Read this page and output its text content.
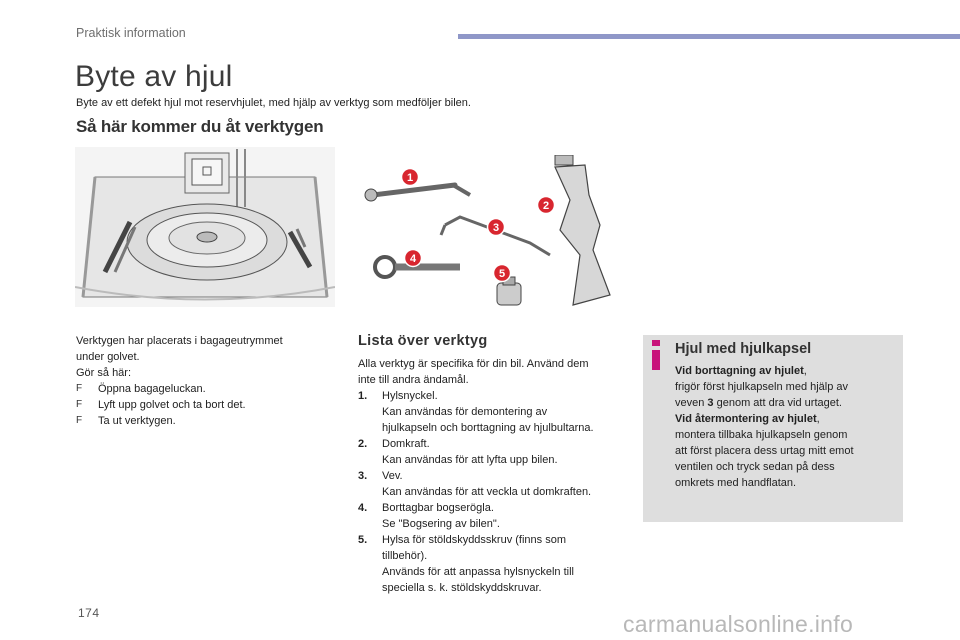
Praktisk information
Byte av hjul
Byte av ett defekt hjul mot reservhjulet, med hjälp av verktyg som medföljer bilen.
Så här kommer du åt verktygen
1
2
3
4
5

Verktygen har placerats i bagageutrymmet

under golvet.

Gör så här:

F Öppna bagageluckan.
F Lyft upp golvet och ta bort det.
F Ta ut verktygen.
Lista över verktyg

Alla verktyg är specifika för din bil. Använd dem

inte till andra ändamål.

1. Hylsnyckel.

Kan användas för demontering av

hjulkapseln och borttagning av hjulbultarna.

2. Domkraft.

Kan användas för att lyfta upp bilen.

3. Vev.

Kan användas för att veckla ut domkraften.

4. Borttagbar bogserögla.

Se "Bogsering av bilen".

5. Hylsa för stöldskyddsskruv (finns som

tillbehör).

Används för att anpassa hylsnyckeln till

speciella s. k. stöldskyddskruvar.

Hjul med hjulkapsel

Vid borttagning av hjulet,

frigör först hjulkapseln med hjälp av

veven 3 genom att dra vid urtaget.

Vid återmontering av hjulet,

montera tillbaka hjulkapseln genom

att först placera dess urtag mitt emot

ventilen och tryck sedan på dess

omkrets med handflatan.

174	carmanualsonline.info
